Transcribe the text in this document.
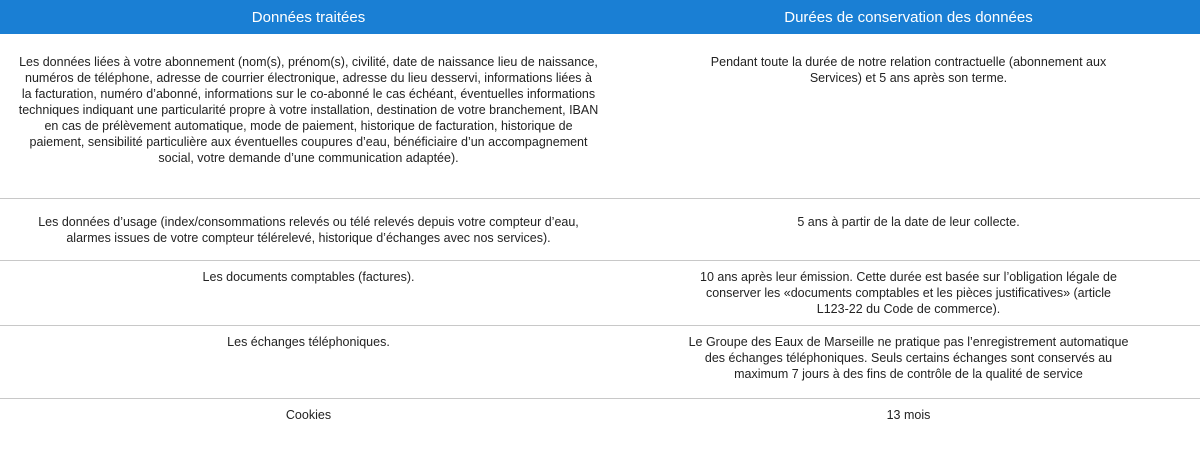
Données traitées	Durées de conservation des données

Les données liées à votre abonnement (nom(s), prénom(s), civilité, date de naissance lieu de naissance, numéros de téléphone, adresse de courrier électronique, adresse du lieu desservi, informations liées à la facturation, numéro d’abonné, informations sur le co-abonné le cas échéant, éventuelles informations techniques indiquant une particularité propre à votre installation, destination de votre branchement, IBAN en cas de prélèvement automatique, mode de paiement, historique de facturation, historique de paiement, sensibilité particulière aux éventuelles coupures d’eau, bénéficiaire d’un accompagnement social, votre demande d’une communication adaptée).	Pendant toute la durée de notre relation contractuelle (abonnement aux Services) et 5 ans après son terme.

Les données d’usage (index/consommations relevés ou télé relevés depuis votre compteur d’eau, alarmes issues de votre compteur télérelevé, historique d’échanges avec nos services).	5 ans à partir de la date de leur collecte.

Les documents comptables (factures).	10 ans après leur émission. Cette durée est basée sur l’obligation légale de conserver les «documents comptables et les pièces justificatives» (article L123-22 du Code de commerce).

Les échanges téléphoniques.	Le Groupe des Eaux de Marseille ne pratique pas l’enregistrement automatique des échanges téléphoniques. Seuls certains échanges sont conservés au maximum 7 jours à des fins de contrôle de la qualité de service

Cookies	13 mois
